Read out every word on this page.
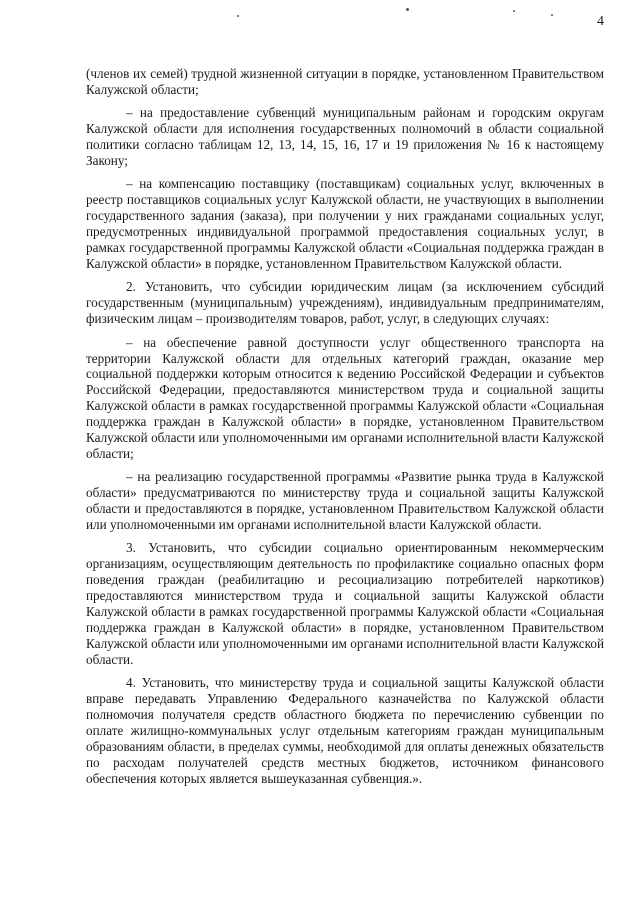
4

(членов их семей) трудной жизненной ситуации в порядке, установленном Правительством Калужской области;

– на предоставление субвенций муниципальным районам и городским округам Калужской области для исполнения государственных полномочий в области социальной политики согласно таблицам 12, 13, 14, 15, 16, 17 и 19 приложения № 16 к настоящему Закону;

– на компенсацию поставщику (поставщикам) социальных услуг, включенных в реестр поставщиков социальных услуг Калужской области, не участвующих в выполнении государственного задания (заказа), при получении у них гражданами социальных услуг, предусмотренных индивидуальной программой предоставления социальных услуг, в рамках государственной программы Калужской области «Социальная поддержка граждан в Калужской области» в порядке, установленном Правительством Калужской области.

2. Установить, что субсидии юридическим лицам (за исключением субсидий государственным (муниципальным) учреждениям), индивидуальным предпринимателям, физическим лицам – производителям товаров, работ, услуг, в следующих случаях:

– на обеспечение равной доступности услуг общественного транспорта на территории Калужской области для отдельных категорий граждан, оказание мер социальной поддержки которым относится к ведению Российской Федерации и субъектов Российской Федерации, предоставляются министерством труда и социальной защиты Калужской области в рамках государственной программы Калужской области «Социальная поддержка граждан в Калужской области» в порядке, установленном Правительством Калужской области или уполномоченными им органами исполнительной власти Калужской области;

– на реализацию государственной программы «Развитие рынка труда в Калужской области» предусматриваются по министерству труда и социальной защиты Калужской области и предоставляются в порядке, установленном Правительством Калужской области или уполномоченными им органами исполнительной власти Калужской области.

3. Установить, что субсидии социально ориентированным некоммерческим организациям, осуществляющим деятельность по профилактике социально опасных форм поведения граждан (реабилитацию и ресоциализацию потребителей наркотиков) предоставляются министерством труда и социальной защиты Калужской области Калужской области в рамках государственной программы Калужской области «Социальная поддержка граждан в Калужской области» в порядке, установленном Правительством Калужской области или уполномоченными им органами исполнительной власти Калужской области.

4. Установить, что министерству труда и социальной защиты Калужской области вправе передавать Управлению Федерального казначейства по Калужской области полномочия получателя средств областного бюджета по перечислению субвенции по оплате жилищно-коммунальных услуг отдельным категориям граждан муниципальным образованиям области, в пределах суммы, необходимой для оплаты денежных обязательств по расходам получателей средств местных бюджетов, источником финансового обеспечения которых является вышеуказанная субвенция.».
